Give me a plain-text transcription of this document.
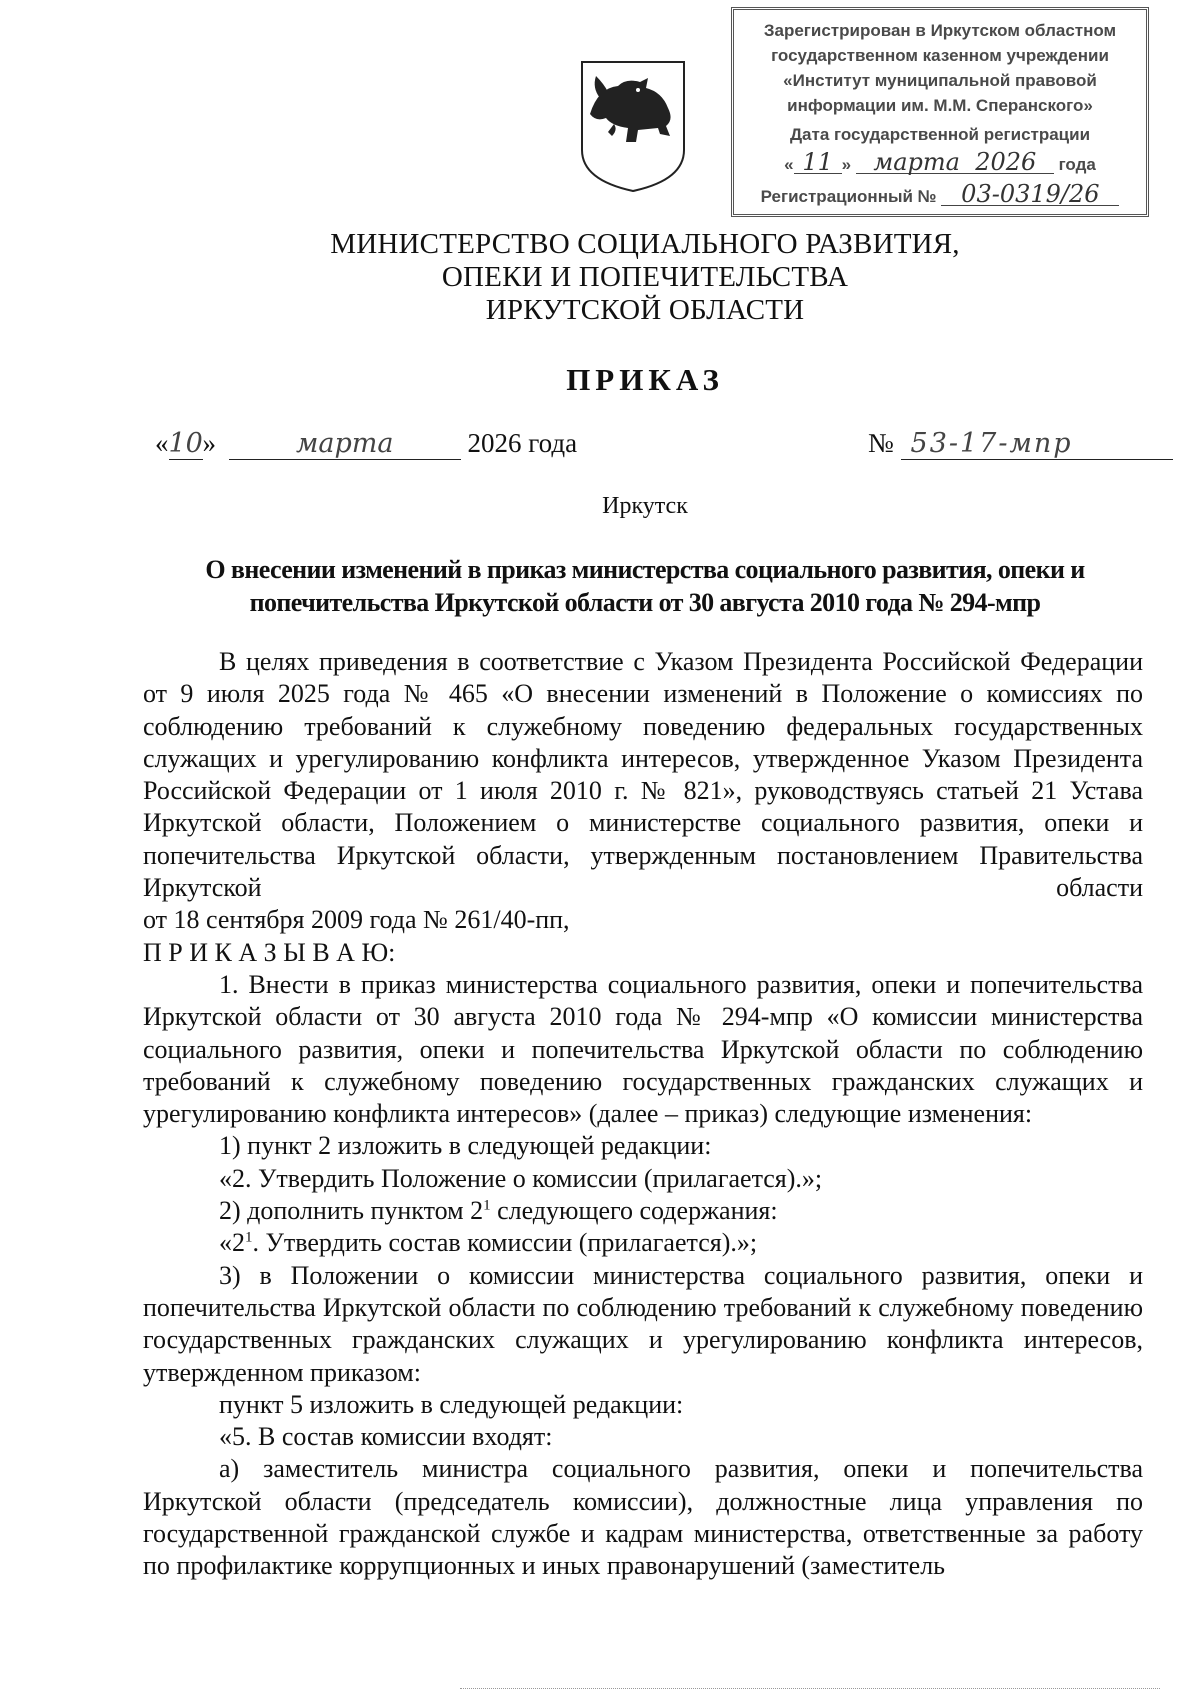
Зарегистрирован в Иркутском областном
государственном казенном учреждении
«Институт муниципальной правовой
информации им. М.М. Сперанского»
Дата государственной регистрации
« 11 » марта 2026 года
Регистрационный № 03-0319/26
МИНИСТЕРСТВО СОЦИАЛЬНОГО РАЗВИТИЯ,
ОПЕКИ И ПОПЕЧИТЕЛЬСТВА
ИРКУТСКОЙ ОБЛАСТИ
ПРИКАЗ
«10»	марта	2026 года	№ 53-17-мпр
Иркутск
О внесении изменений в приказ министерства социального развития, опеки и попечительства Иркутской области от 30 августа 2010 года № 294-мпр

В целях приведения в соответствие с Указом Президента Российской Федерации от 9 июля 2025 года № 465 «О внесении изменений в Положение о комиссиях по соблюдению требований к служебному поведению федеральных государственных служащих и урегулированию конфликта интересов, утвержденное Указом Президента Российской Федерации от 1 июля 2010 г. № 821», руководствуясь статьей 21 Устава Иркутской области, Положением о министерстве социального развития, опеки и попечительства Иркутской области, утвержденным постановлением Правительства Иркутской области

от 18 сентября 2009 года № 261/40-пп,

П Р И К А З Ы В А Ю:

1. Внести в приказ министерства социального развития, опеки и попечительства Иркутской области от 30 августа 2010 года № 294-мпр «О комиссии министерства социального развития, опеки и попечительства Иркутской области по соблюдению требований к служебному поведению государственных гражданских служащих и урегулированию конфликта интересов» (далее – приказ) следующие изменения:

1) пункт 2 изложить в следующей редакции:

«2. Утвердить Положение о комиссии (прилагается).»;

2) дополнить пунктом $2^1$ следующего содержания:

«$2^1$. Утвердить состав комиссии (прилагается).»;

3) в Положении о комиссии министерства социального развития, опеки и попечительства Иркутской области по соблюдению требований к служебному поведению государственных гражданских служащих и урегулированию конфликта интересов, утвержденном приказом:

пункт 5 изложить в следующей редакции:

«5. В состав комиссии входят:

а) заместитель министра социального развития, опеки и попечительства Иркутской области (председатель комиссии), должностные лица управления по государственной гражданской службе и кадрам министерства, ответственные за работу по профилактике коррупционных и иных правонарушений (заместитель
